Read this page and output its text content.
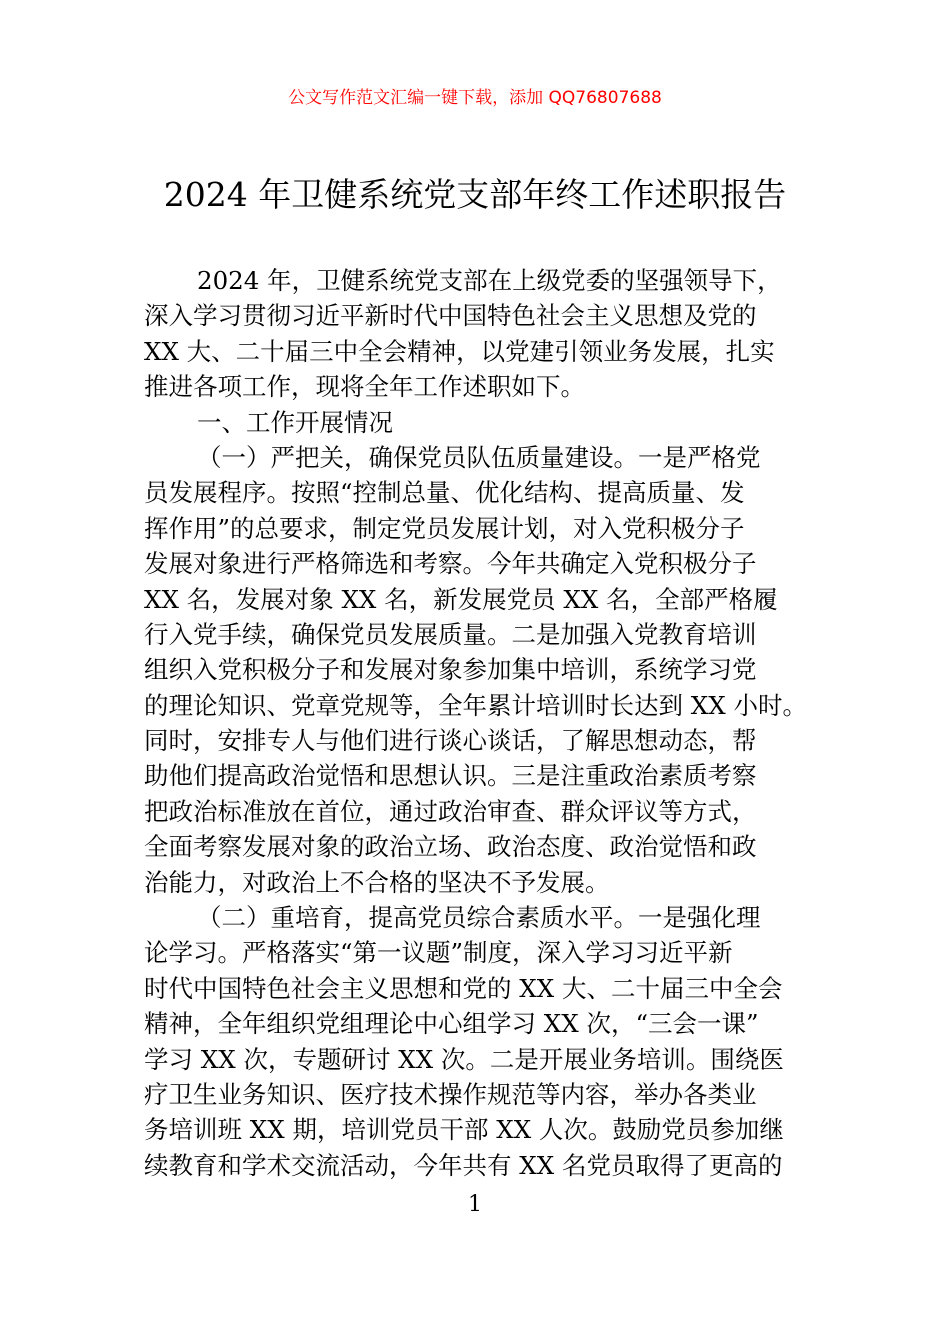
公文写作范文汇编一键下载，添加 QQ76807688
2024 年卫健系统党支部年终工作述职报告
2024 年，卫健系统党支部在上级党委的坚强领导下，
深入学习贯彻习近平新时代中国特色社会主义思想及党的
XX 大、二十届三中全会精神，以党建引领业务发展，扎实
推进各项工作，现将全年工作述职如下。
一、工作开展情况
（一）严把关，确保党员队伍质量建设。一是严格党
员发展程序。按照“控制总量、优化结构、提高质量、发
挥作用”的总要求，制定党员发展计划，对入党积极分子
发展对象进行严格筛选和考察。今年共确定入党积极分子
XX 名，发展对象 XX 名，新发展党员 XX 名，全部严格履
行入党手续，确保党员发展质量。二是加强入党教育培训
组织入党积极分子和发展对象参加集中培训，系统学习党
的理论知识、党章党规等，全年累计培训时长达到 XX 小时。
同时，安排专人与他们进行谈心谈话，了解思想动态，帮
助他们提高政治觉悟和思想认识。三是注重政治素质考察
把政治标准放在首位，通过政治审查、群众评议等方式，
全面考察发展对象的政治立场、政治态度、政治觉悟和政
治能力，对政治上不合格的坚决不予发展。
（二）重培育，提高党员综合素质水平。一是强化理
论学习。严格落实“第一议题”制度，深入学习习近平新
时代中国特色社会主义思想和党的 XX 大、二十届三中全会
精神，全年组织党组理论中心组学习 XX 次，“三会一课”
学习 XX 次，专题研讨 XX 次。二是开展业务培训。围绕医
疗卫生业务知识、医疗技术操作规范等内容，举办各类业
务培训班 XX 期，培训党员干部 XX 人次。鼓励党员参加继
续教育和学术交流活动，今年共有 XX 名党员取得了更高的
1
